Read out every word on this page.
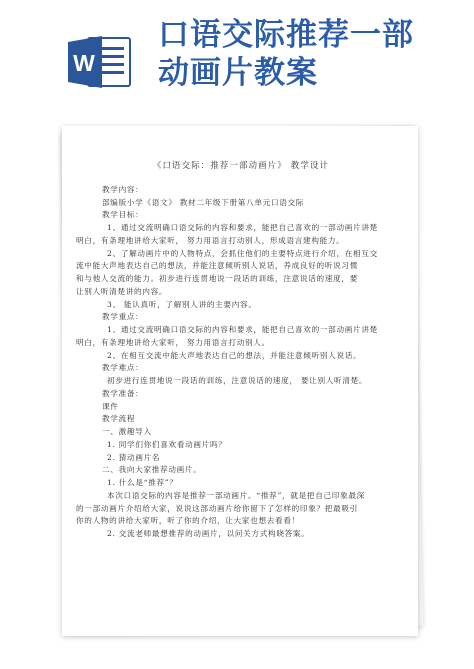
W
口语交际推荐一部
动画片教案
《口语交际：推荐一部动画片》 教学设计

教学内容：

部编版小学《语文》 教材二年级下册第八单元口语交际

教学目标：

1、通过交流明确口语交际的内容和要求，能把自己喜欢的一部动画片讲楚

明白，有条理地讲给大家听， 努力用语言打动别人，形成语言建构能力。

2、了解动画片中的人物特点，会抓住他们的主要特点进行介绍，在相互交

流中能大声地表达自己的想法，并能注意倾听别人说话，养成良好的听说习惯

和与他人交流的能力。初步进行连贯地说一段话的训练，注意说话的速度，要

让别人听清楚讲的内容。

3、 能认真听，了解别人讲的主要内容。

教学重点：

1、通过交流明确口语交际的内容和要求，能把自己喜欢的一部动画片讲楚

明白，有条理地讲给大家听， 努力用语言打动别人。

2、在相互交流中能大声地表达自己的想法，并能注意倾听别人说话。

教学难点：

初步进行连贯地说一段话的训练，注意说话的速度， 要让别人听清楚。

教学准备：

课件

教学流程

一、激趣导入

1. 同学们你们喜欢看动画片吗？

2. 猜动画片名

二、我向大家推荐动画片。

1. 什么是“推荐”？

本次口语交际的内容是推荐一部动画片。“推荐”，就是把自己印象最深

的一部动画片介绍给大家，说说这部动画片给你留下了怎样的印象？把最吸引

你的人物的讲给大家听，听了你的介绍，让大家也想去看看！

2. 交流老师最想推荐的动画片，以问关方式构晓答案。
